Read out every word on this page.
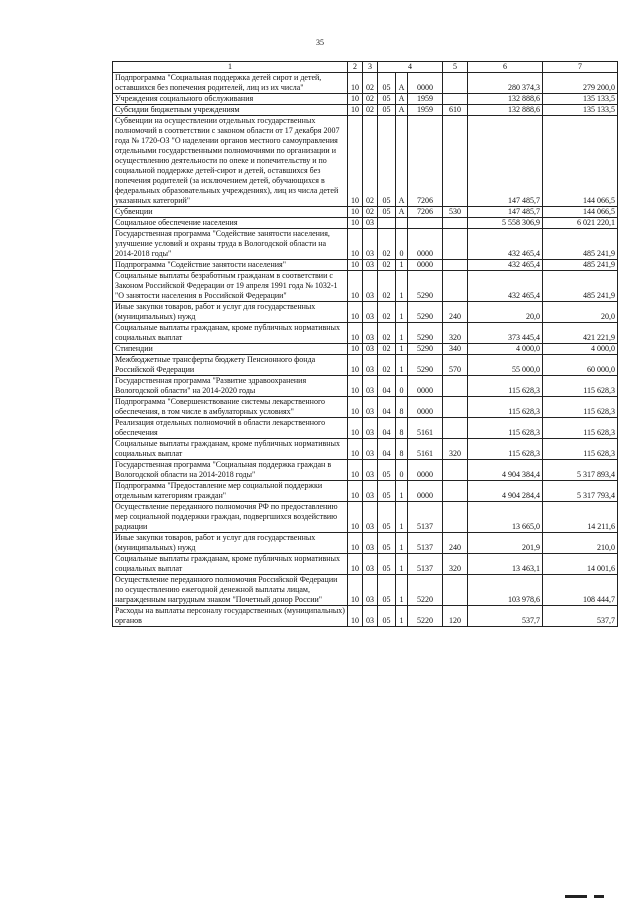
35
1	2	3	4			5	6	7
Подпрограмма "Социальная поддержка детей сирот и детей, оставшихся без попечения родителей, лиц из их числа"	10	02	05	А	0000		280 374,3	279 200,0
Учреждения социального обслуживания	10	02	05	А	1959		132 888,6	135 133,5
Субсидии бюджетным учреждениям	10	02	05	А	1959	610	132 888,6	135 133,5
Субвенции на осуществлении отдельных государственных полномочий в соответствии с законом области от 17 декабря 2007 года № 1720-ОЗ "О наделении органов местного самоуправления отдельными государственными полномочиями по организации и осуществлению деятельности по опеке и попечительству и по социальной поддержке детей-сирот и детей, оставшихся без попечения родителей (за исключением детей, обучающихся в федеральных образовательных учреждениях), лиц из числа детей указанных категорий"	10	02	05	А	7206		147 485,7	144 066,5
Субвенции	10	02	05	А	7206	530	147 485,7	144 066,5
Социальное обеспечение населения	10	03					5 558 306,9	6 021 220,1
Государственная программа "Содействие занятости населения, улучшение условий и охраны труда в Вологодской области на 2014-2018 годы"	10	03	02	0	0000		432 465,4	485 241,9
Подпрограмма "Содействие занятости населения"	10	03	02	1	0000		432 465,4	485 241,9
Социальные выплаты безработным гражданам в соответствии с Законом Российской Федерации от 19 апреля 1991 года № 1032-1 "О занятости населения в Российской Федерации"	10	03	02	1	5290		432 465,4	485 241,9
Иные закупки товаров, работ и услуг для государственных (муниципальных) нужд	10	03	02	1	5290	240	20,0	20,0
Социальные выплаты гражданам, кроме публичных нормативных социальных выплат	10	03	02	1	5290	320	373 445,4	421 221,9
Стипендии	10	03	02	1	5290	340	4 000,0	4 000,0
Межбюджетные трансферты бюджету Пенсионного фонда Российской Федерации	10	03	02	1	5290	570	55 000,0	60 000,0
Государственная программа "Развитие здравоохранения Вологодской области" на 2014-2020 годы	10	03	04	0	0000		115 628,3	115 628,3
Подпрограмма "Совершенствование системы лекарственного обеспечения, в том числе в амбулаторных условиях"	10	03	04	8	0000		115 628,3	115 628,3
Реализация отдельных полномочий в области лекарственного обеспечения	10	03	04	8	5161		115 628,3	115 628,3
Социальные выплаты гражданам, кроме публичных нормативных социальных выплат	10	03	04	8	5161	320	115 628,3	115 628,3
Государственная программа "Социальная поддержка граждан в Вологодской области на 2014-2018 годы"	10	03	05	0	0000		4 904 384,4	5 317 893,4
Подпрограмма "Предоставление мер социальной поддержки отдельным категориям граждан"	10	03	05	1	0000		4 904 284,4	5 317 793,4
Осуществление переданного полномочия РФ по предоставлению мер социальной поддержки граждан, подвергшихся воздействию радиации	10	03	05	1	5137		13 665,0	14 211,6
Иные закупки товаров, работ и услуг для государственных (муниципальных) нужд	10	03	05	1	5137	240	201,9	210,0
Социальные выплаты гражданам, кроме публичных нормативных социальных выплат	10	03	05	1	5137	320	13 463,1	14 001,6
Осуществление переданного полномочия Российской Федерации по осуществлению ежегодной денежной выплаты лицам, награжденным нагрудным знаком "Почетный донор России"	10	03	05	1	5220		103 978,6	108 444,7
Расходы на выплаты персоналу государственных (муниципальных) органов	10	03	05	1	5220	120	537,7	537,7
